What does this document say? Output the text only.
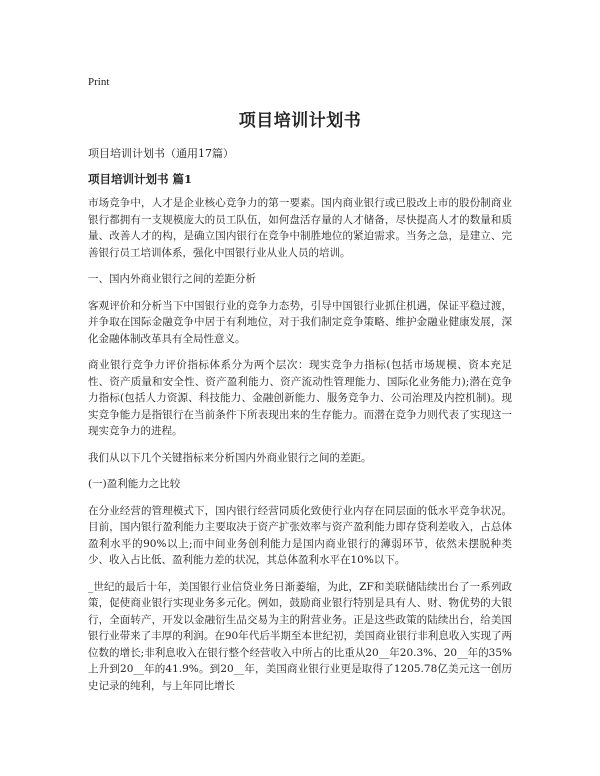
Print
项目培训计划书
项目培训计划书（通用17篇）
项目培训计划书 篇1

市场竞争中，人才是企业核心竞争力的第一要素。国内商业银行或已股改上市的股份制商业银行都拥有一支规模庞大的员工队伍，如何盘活存量的人才储备，尽快提高人才的数量和质量、改善人才的构，是确立国内银行在竞争中制胜地位的紧迫需求。当务之急，是建立、完善银行员工培训体系，强化中国银行业从业人员的培训。

一、国内外商业银行之间的差距分析

客观评价和分析当下中国银行业的竞争力态势，引导中国银行业抓住机遇，保证平稳过渡，并争取在国际金融竞争中居于有利地位，对于我们制定竞争策略、维护金融业健康发展，深化金融体制改革具有全局性意义。

商业银行竞争力评价指标体系分为两个层次：现实竞争力指标(包括市场规模、资本充足性、资产质量和安全性、资产盈利能力、资产流动性管理能力、国际化业务能力);潜在竞争力指标(包括人力资源、科技能力、金融创新能力、服务竞争力、公司治理及内控机制)。现实竞争能力是指银行在当前条件下所表现出来的生存能力。而潜在竞争力则代表了实现这一现实竞争力的进程。

我们从以下几个关键指标来分析国内外商业银行之间的差距。

(一)盈利能力之比较

在分业经营的管理模式下，国内银行经营同质化致使行业内存在同层面的低水平竞争状况。目前，国内银行盈利能力主要取决于资产扩张效率与资产盈利能力即存贷利差收入，占总体盈利水平的90%以上;而中间业务创利能力是国内商业银行的薄弱环节，依然未摆脱种类少、收入占比低、盈利能力差的状况，其总体盈利水平在10%以下。

_世纪的最后十年，美国银行业信贷业务日渐萎缩，为此，ZF和美联储陆续出台了一系列政策，促使商业银行实现业务多元化。例如，鼓励商业银行特别是具有人、财、物优势的大银行，全面转产，开发以金融衍生品交易为主的附营业务。正是这些政策的陆续出台，给美国银行业带来了丰厚的利润。在90年代后半期至本世纪初，美国商业银行非利息收入实现了两位数的增长;非利息收入在银行整个经营收入中所占的比重从20__年20.3%、20__年的35%上升到20__年的41.9%。到20__年，美国商业银行业更是取得了1205.78亿美元这一创历史记录的纯利，与上年同比增长
